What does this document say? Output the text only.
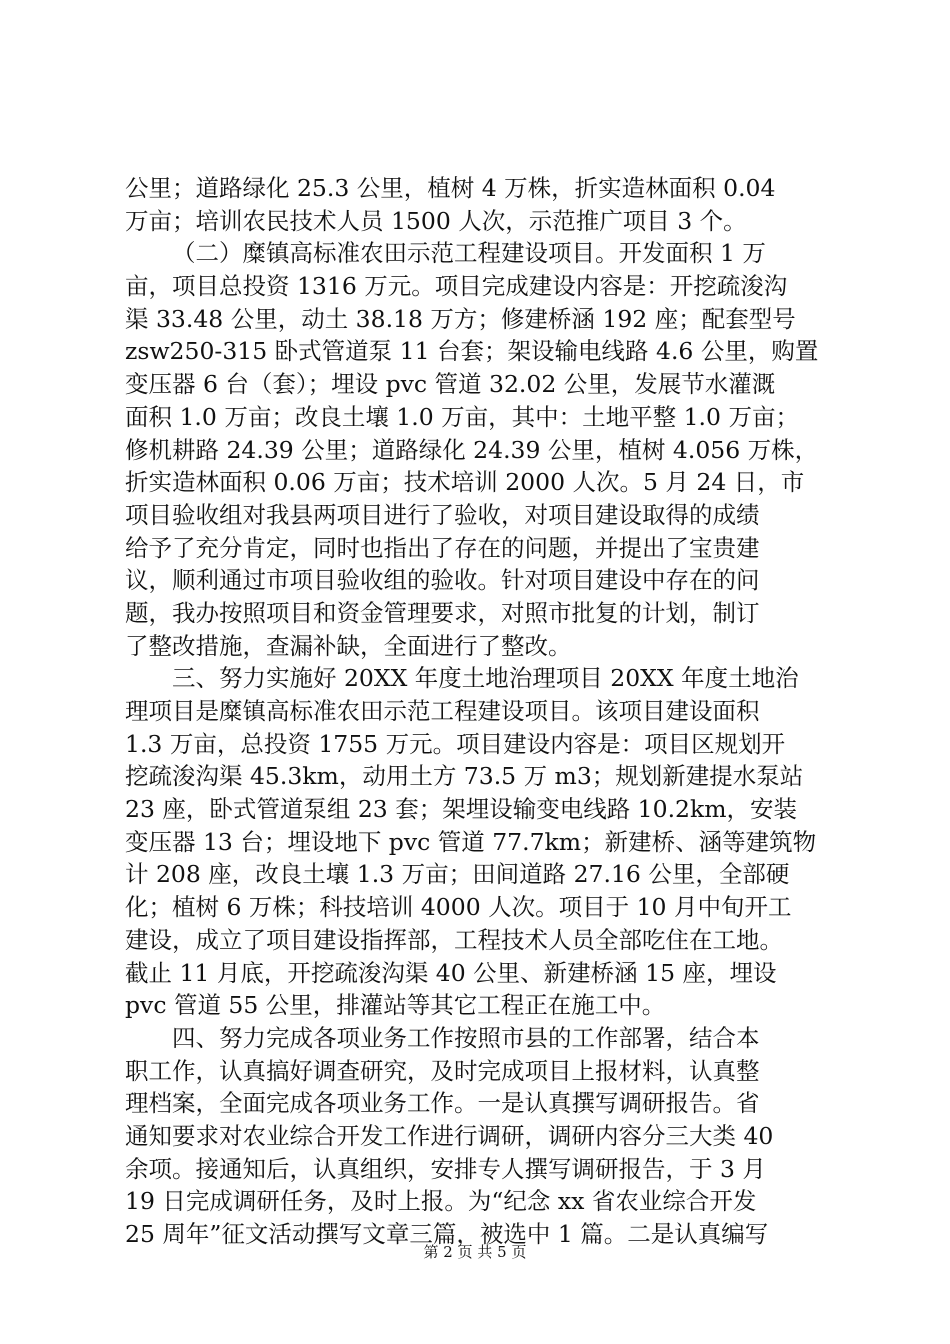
公里；道路绿化 25.3 公里，植树 4 万株，折实造林面积 0.04
万亩；培训农民技术人员 1500 人次，示范推广项目 3 个。
（二）糜镇高标准农田示范工程建设项目。开发面积 1 万
亩，项目总投资 1316 万元。项目完成建设内容是：开挖疏浚沟
渠 33.48 公里，动土 38.18 万方；修建桥涵 192 座；配套型号
zsw250-315 卧式管道泵 11 台套；架设输电线路 4.6 公里，购置
变压器 6 台（套）；埋设 pvc 管道 32.02 公里，发展节水灌溉
面积 1.0 万亩；改良土壤 1.0 万亩，其中：土地平整 1.0 万亩；
修机耕路 24.39 公里；道路绿化 24.39 公里，植树 4.056 万株，
折实造林面积 0.06 万亩；技术培训 2000 人次。5 月 24 日，市
项目验收组对我县两项目进行了验收，对项目建设取得的成绩
给予了充分肯定，同时也指出了存在的问题，并提出了宝贵建
议，顺利通过市项目验收组的验收。针对项目建设中存在的问
题，我办按照项目和资金管理要求，对照市批复的计划，制订
了整改措施，查漏补缺，全面进行了整改。
三、努力实施好 20XX 年度土地治理项目 20XX 年度土地治
理项目是糜镇高标准农田示范工程建设项目。该项目建设面积
1.3 万亩，总投资 1755 万元。项目建设内容是：项目区规划开
挖疏浚沟渠 45.3km，动用土方 73.5 万 m3；规划新建提水泵站
23 座，卧式管道泵组 23 套；架埋设输变电线路 10.2km，安装
变压器 13 台；埋设地下 pvc 管道 77.7km；新建桥、涵等建筑物
计 208 座，改良土壤 1.3 万亩；田间道路 27.16 公里，全部硬
化；植树 6 万株；科技培训 4000 人次。项目于 10 月中旬开工
建设，成立了项目建设指挥部，工程技术人员全部吃住在工地。
截止 11 月底，开挖疏浚沟渠 40 公里、新建桥涵 15 座，埋设
pvc 管道 55 公里，排灌站等其它工程正在施工中。
四、努力完成各项业务工作按照市县的工作部署，结合本
职工作，认真搞好调查研究，及时完成项目上报材料，认真整
理档案，全面完成各项业务工作。一是认真撰写调研报告。省
通知要求对农业综合开发工作进行调研，调研内容分三大类 40
余项。接通知后，认真组织，安排专人撰写调研报告，于 3 月
19 日完成调研任务，及时上报。为“纪念 xx 省农业综合开发
25 周年”征文活动撰写文章三篇，被选中 1 篇。二是认真编写
第 2 页 共 5 页
